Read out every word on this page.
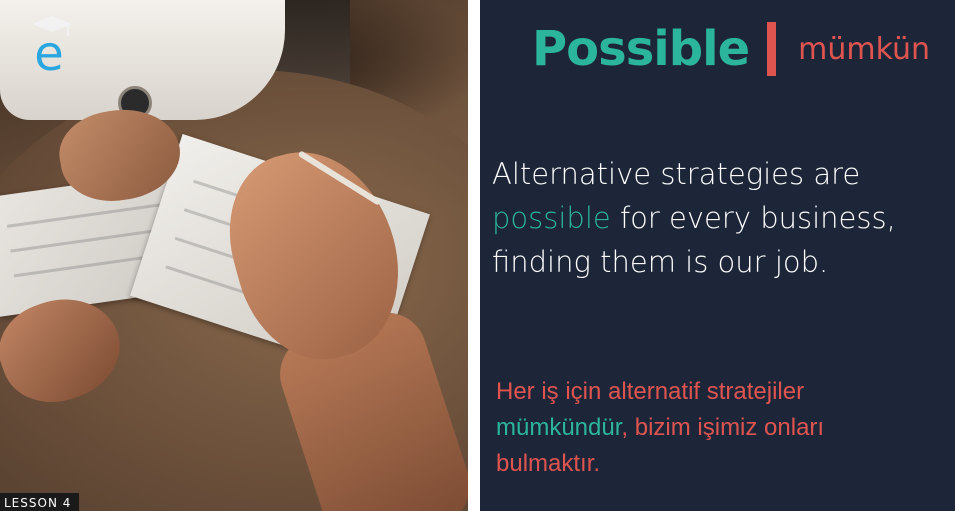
e
LESSON 4
Possible mümkün
Alternative strategies are
possible for every business, finding them is our job.
Her iş için alternatif stratejiler mümkündür, bizim işimiz onları bulmaktır.
